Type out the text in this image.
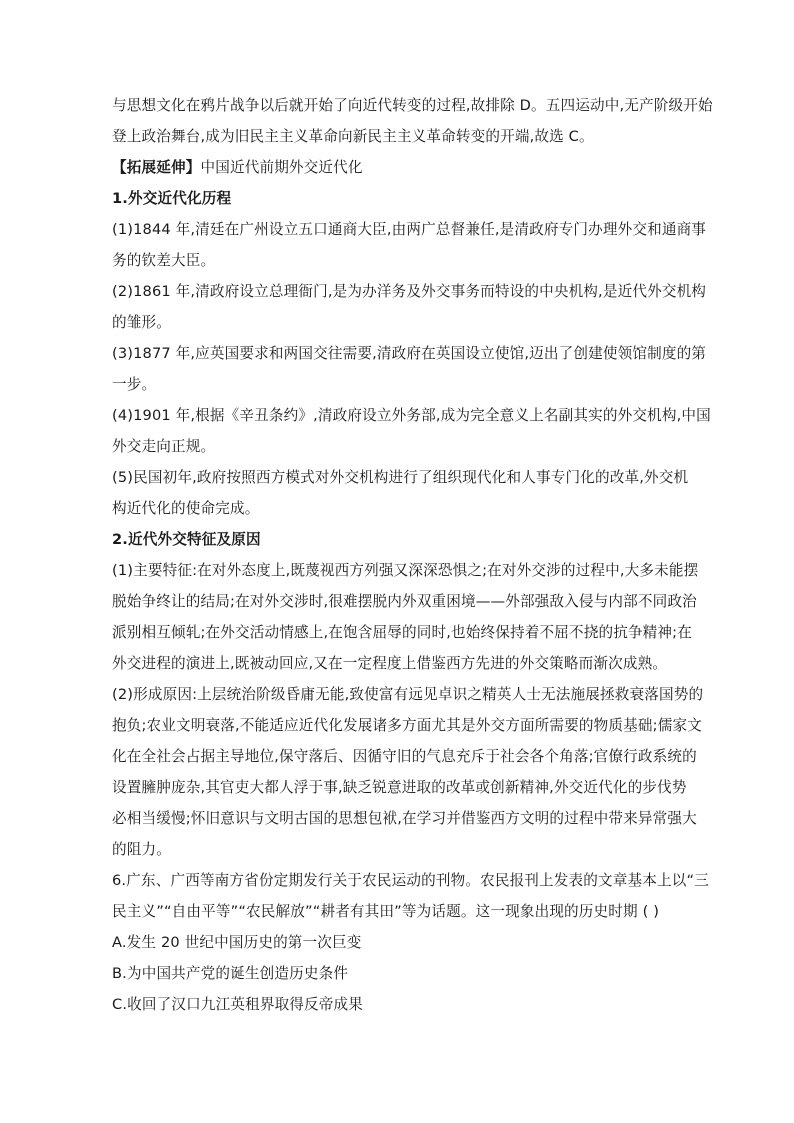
与思想文化在鸦片战争以后就开始了向近代转变的过程,故排除 D。五四运动中,无产阶级开始
登上政治舞台,成为旧民主主义革命向新民主主义革命转变的开端,故选 C。
【拓展延伸】中国近代前期外交近代化
1.外交近代化历程
(1)1844 年,清廷在广州设立五口通商大臣,由两广总督兼任,是清政府专门办理外交和通商事
务的钦差大臣。
(2)1861 年,清政府设立总理衙门,是为办洋务及外交事务而特设的中央机构,是近代外交机构
的雏形。
(3)1877 年,应英国要求和两国交往需要,清政府在英国设立使馆,迈出了创建使领馆制度的第
一步。
(4)1901 年,根据《辛丑条约》,清政府设立外务部,成为完全意义上名副其实的外交机构,中国
外交走向正规。
(5)民国初年,政府按照西方模式对外交机构进行了组织现代化和人事专门化的改革,外交机
构近代化的使命完成。
2.近代外交特征及原因
(1)主要特征:在对外态度上,既蔑视西方列强又深深恐惧之;在对外交涉的过程中,大多未能摆
脱始争终让的结局;在对外交涉时,很难摆脱内外双重困境——外部强敌入侵与内部不同政治
派别相互倾轧;在外交活动情感上,在饱含屈辱的同时,也始终保持着不屈不挠的抗争精神;在
外交进程的演进上,既被动回应,又在一定程度上借鉴西方先进的外交策略而渐次成熟。
(2)形成原因:上层统治阶级昏庸无能,致使富有远见卓识之精英人士无法施展拯救衰落国势的
抱负;农业文明衰落,不能适应近代化发展诸多方面尤其是外交方面所需要的物质基础;儒家文
化在全社会占据主导地位,保守落后、因循守旧的气息充斥于社会各个角落;官僚行政系统的
设置臃肿庞杂,其官吏大都人浮于事,缺乏锐意进取的改革或创新精神,外交近代化的步伐势
必相当缓慢;怀旧意识与文明古国的思想包袱,在学习并借鉴西方文明的过程中带来异常强大
的阻力。
6.广东、广西等南方省份定期发行关于农民运动的刊物。农民报刊上发表的文章基本上以“三
民主义”“自由平等”“农民解放”“耕者有其田”等为话题。这一现象出现的历史时期 ( )
A.发生 20 世纪中国历史的第一次巨变
B.为中国共产党的诞生创造历史条件
C.收回了汉口九江英租界取得反帝成果
